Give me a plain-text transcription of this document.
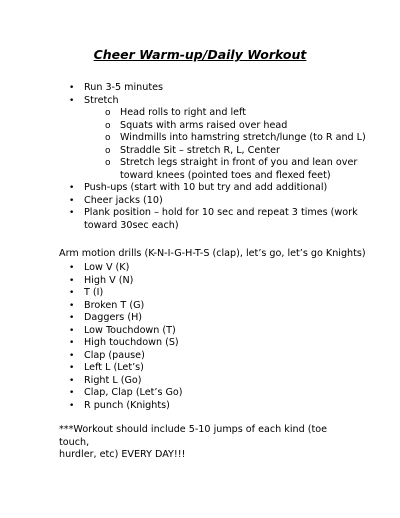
Cheer Warm-up/Daily Workout
•	Run 3-5 minutes
•	Stretch
o Head rolls to right and left
o Squats with arms raised over head
o Windmills into hamstring stretch/lunge (to R and L)
o Straddle Sit – stretch R, L, Center
o Stretch legs straight in front of you and lean over
toward knees (pointed toes and flexed feet)
•	Push-ups (start with 10 but try and add additional)
•	Cheer jacks (10)
•	Plank position – hold for 10 sec and repeat 3 times (work
toward 30sec each)
Arm motion drills (K-N-I-G-H-T-S (clap), let’s go, let’s go Knights)
•	Low V (K)
•	High V (N)
•	T (I)
•	Broken T (G)
•	Daggers (H)
•	Low Touchdown (T)
•	High touchdown (S)
•	Clap (pause)
•	Left L (Let’s)
•	Right L (Go)
•	Clap, Clap (Let’s Go)
•	R punch (Knights)
***Workout should include 5-10 jumps of each kind (toe touch,
hurdler, etc) EVERY DAY!!!
